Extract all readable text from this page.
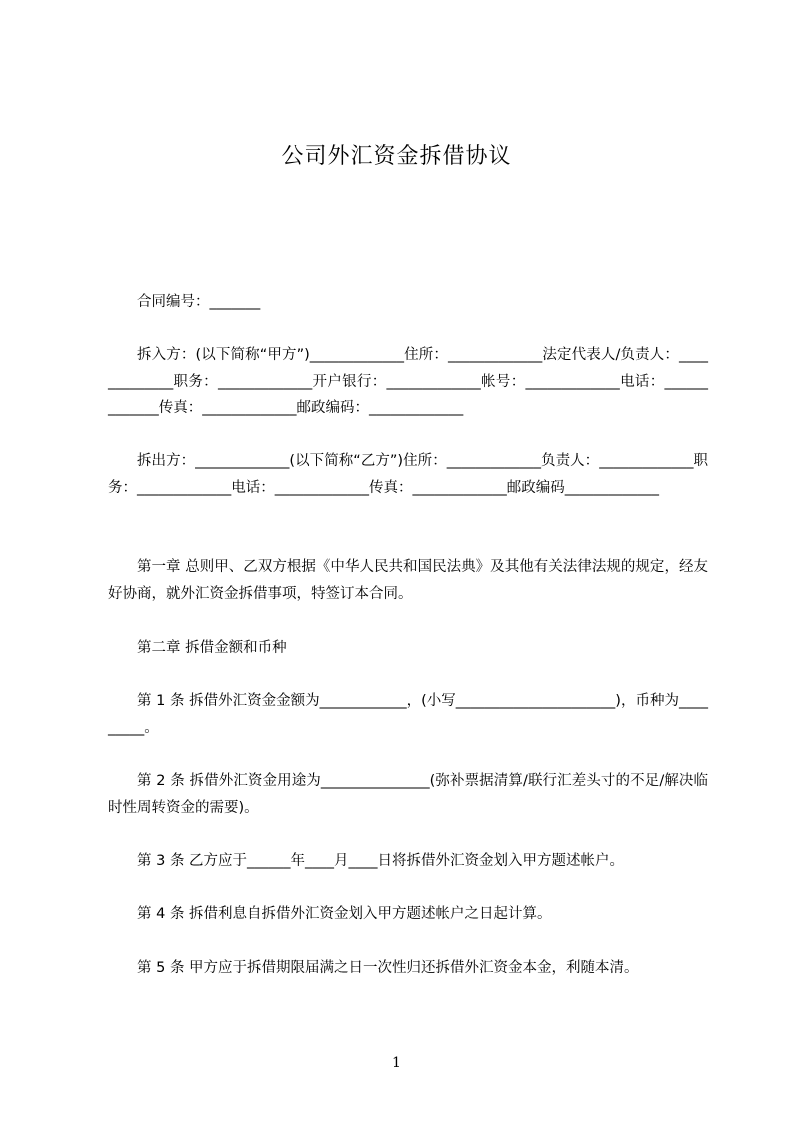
公司外汇资金拆借协议
合同编号：_______
拆入方：(以下简称“甲方”)_____________住所：_____________法定代表人/负责人：_____________职务：_____________开户银行：_____________帐号：_____________电话：_____________传真：_____________邮政编码：_____________
拆出方：_____________(以下简称“乙方”)住所：_____________负责人：_____________职务：_____________电话：_____________传真：_____________邮政编码_____________
第一章 总则甲、乙双方根据《中华人民共和国民法典》及其他有关法律法规的规定，经友好协商，就外汇资金拆借事项，特签订本合同。
第二章 拆借金额和币种
第 1 条 拆借外汇资金金额为____________，(小写______________________)，币种为_________。
第 2 条 拆借外汇资金用途为_______________(弥补票据清算/联行汇差头寸的不足/解决临时性周转资金的需要)。
第 3 条 乙方应于______年____月____日将拆借外汇资金划入甲方题述帐户。
第 4 条 拆借利息自拆借外汇资金划入甲方题述帐户之日起计算。
第 5 条 甲方应于拆借期限届满之日一次性归还拆借外汇资金本金，利随本清。
1
